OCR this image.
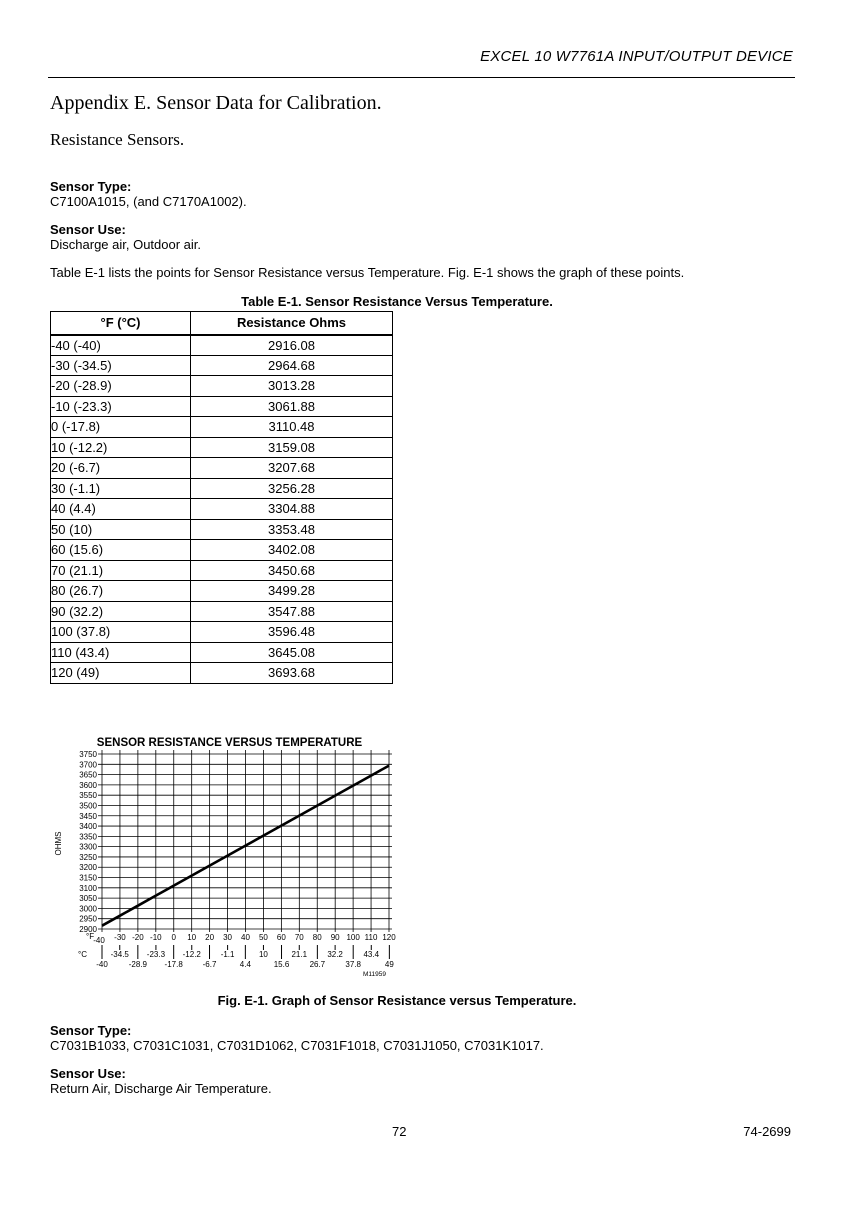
EXCEL 10 W7761A INPUT/OUTPUT DEVICE
Appendix E. Sensor Data for Calibration.
Resistance Sensors.
Sensor Type:
C7100A1015, (and C7170A1002).
Sensor Use:
Discharge air, Outdoor air.
Table E-1 lists the points for Sensor Resistance versus Temperature. Fig. E-1 shows the graph of these points.
Table E-1. Sensor Resistance Versus Temperature.
°F (°C)	Resistance Ohms
-40 (-40)	2916.08
-30 (-34.5)	2964.68
-20 (-28.9)	3013.28
-10 (-23.3)	3061.88
0 (-17.8)	3110.48
10 (-12.2)	3159.08
20 (-6.7)	3207.68
30 (-1.1)	3256.28
40 (4.4)	3304.88
50 (10)	3353.48
60 (15.6)	3402.08
70 (21.1)	3450.68
80 (26.7)	3499.28
90 (32.2)	3547.88
100 (37.8)	3596.48
110 (43.4)	3645.08
120 (49)	3693.68
SENSOR RESISTANCE VERSUS TEMPERATURE
2900
2950
3000
3050
3100
3150
3200
3250
3300
3350
3400
3450
3500
3550
3600
3650
3700
3750
OHMS
°F -40 -30 -20 -10 0 10 20 30 40 50 60 70 80 90 100 110 120
°C	-34.5 -23.3 -12.2 -1.1	10	21.1	32.2	43.4
-40	-28.9 -17.8 -6.7	4.4	15.6	26.7	37.8	49
M11959
Fig. E-1. Graph of Sensor Resistance versus Temperature.
Sensor Type:
C7031B1033, C7031C1031, C7031D1062, C7031F1018, C7031J1050, C7031K1017.
Sensor Use:
Return Air, Discharge Air Temperature.
72	74-2699
